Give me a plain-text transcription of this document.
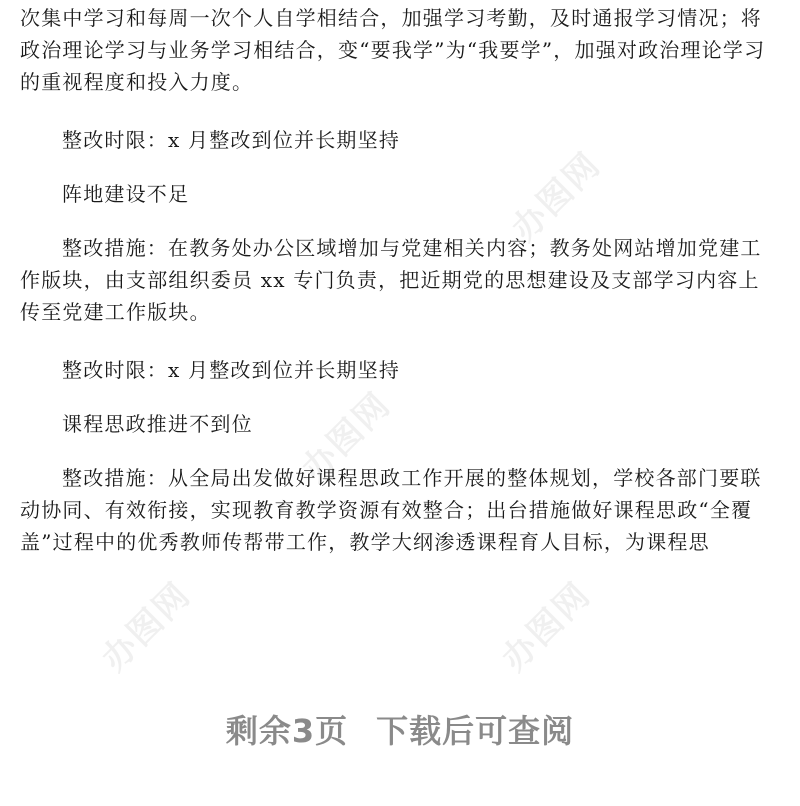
办图网
办图网
办图网
办图网

次集中学习和每周一次个人自学相结合，加强学习考勤，及时通报学习情况；将政治理论学习与业务学习相结合，变“要我学”为“我要学”，加强对政治理论学习的重视程度和投入力度。

整改时限：x 月整改到位并长期坚持

阵地建设不足

整改措施：在教务处办公区域增加与党建相关内容；教务处网站增加党建工作版块，由支部组织委员 xx 专门负责，把近期党的思想建设及支部学习内容上传至党建工作版块。

整改时限：x 月整改到位并长期坚持

课程思政推进不到位

整改措施：从全局出发做好课程思政工作开展的整体规划，学校各部门要联动协同、有效衔接，实现教育教学资源有效整合；出台措施做好课程思政“全覆盖”过程中的优秀教师传帮带工作，教学大纲渗透课程育人目标，为课程思

剩余3页 下载后可查阅
